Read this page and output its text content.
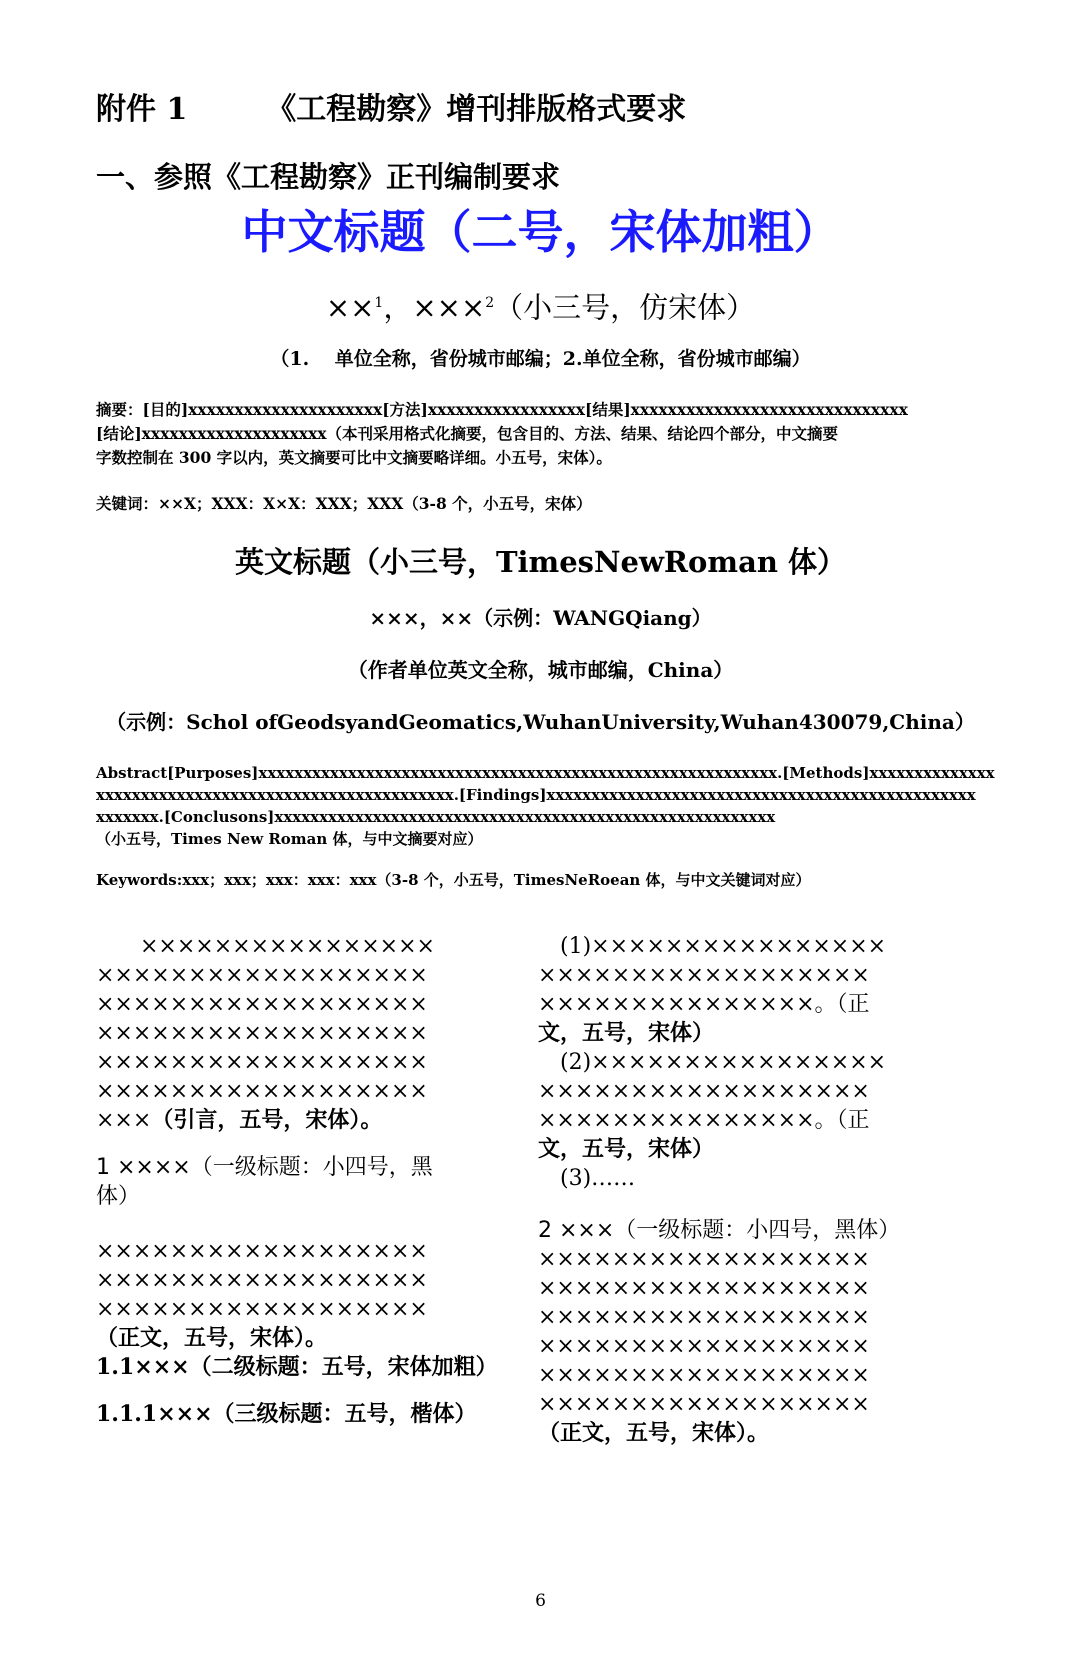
附件 1	《工程勘察》增刊排版格式要求
一、参照《工程勘察》正刊编制要求
中文标题（二号，宋体加粗）
××$^1$，×××$^2$（小三号，仿宋体）
（1.　 单位全称，省份城市邮编；2.单位全称，省份城市邮编）
摘要：[目的]xxxxxxxxxxxxxxxxxxxxx[方法]xxxxxxxxxxxxxxxxx[结果]xxxxxxxxxxxxxxxxxxxxxxxxxxxxxx
[结论]xxxxxxxxxxxxxxxxxxxx（本刊采用格式化摘要，包含目的、方法、结果、结论四个部分，中文摘要
字数控制在 300 字以内，英文摘要可比中文摘要略详细。小五号，宋体）。
关键词：××X；XXX：X×X：XXX；XXX（3-8 个，小五号，宋体）
英文标题（小三号，TimesNewRoman 体）
×××，××（示例：WANGQiang）
（作者单位英文全称，城市邮编，China）
（示例：Schol ofGeodsyandGeomatics,WuhanUniversity,Wuhan430079,China）
Abstract[Purposes]xxxxxxxxxxxxxxxxxxxxxxxxxxxxxxxxxxxxxxxxxxxxxxxxxxxxxxxxxx.[Methods]xxxxxxxxxxxxxx
xxxxxxxxxxxxxxxxxxxxxxxxxxxxxxxxxxxxxxxx.[Findings]xxxxxxxxxxxxxxxxxxxxxxxxxxxxxxxxxxxxxxxxxxxxxxxx
xxxxxxx.[Conclusons]xxxxxxxxxxxxxxxxxxxxxxxxxxxxxxxxxxxxxxxxxxxxxxxxxxxxxxxx
（小五号，Times New Roman 体，与中文摘要对应）
Keywords:xxx；xxx；xxx：xxx：xxx（3-8 个，小五号，TimesNeRoean 体，与中文关键词对应）
　　××××××××××××××××
××××××××××××××××××
××××××××××××××××××
××××××××××××××××××
××××××××××××××××××
××××××××××××××××××
×××（引言，五号，宋体）。
1 ××××（一级标题：小四号，黑
体）
××××××××××××××××××
××××××××××××××××××
××××××××××××××××××
（正文，五号，宋体）。
1.1×××（二级标题：五号，宋体加粗）
1.1.1×××（三级标题：五号，楷体）
　(1)××××××××××××××××
××××××××××××××××××
×××××××××××××××。（正
文，五号，宋体）
　(2)××××××××××××××××
××××××××××××××××××
×××××××××××××××。（正
文，五号，宋体）
　(3)……
2 ×××（一级标题：小四号，黑体）
××××××××××××××××××
××××××××××××××××××
××××××××××××××××××
××××××××××××××××××
××××××××××××××××××
××××××××××××××××××
（正文，五号，宋体）。
6
